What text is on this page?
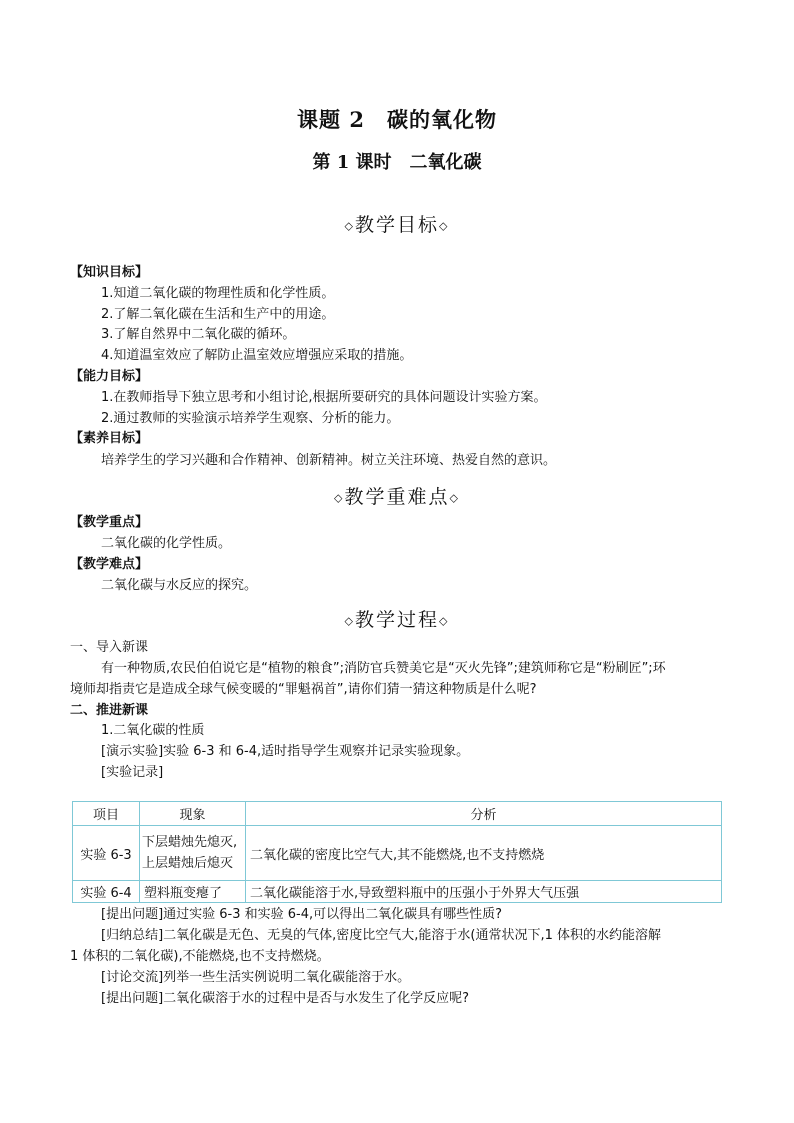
课题 2　碳的氧化物
第 1 课时　二氧化碳
◇教学目标◇
【知识目标】
1.知道二氧化碳的物理性质和化学性质。
2.了解二氧化碳在生活和生产中的用途。
3.了解自然界中二氧化碳的循环。
4.知道温室效应了解防止温室效应增强应采取的措施。
【能力目标】
1.在教师指导下独立思考和小组讨论,根据所要研究的具体问题设计实验方案。
2.通过教师的实验演示培养学生观察、分析的能力。
【素养目标】
培养学生的学习兴趣和合作精神、创新精神。树立关注环境、热爱自然的意识。
◇教学重难点◇
【教学重点】
二氧化碳的化学性质。
【教学难点】
二氧化碳与水反应的探究。
◇教学过程◇
一、导入新课
有一种物质,农民伯伯说它是“植物的粮食”;消防官兵赞美它是“灭火先锋”;建筑师称它是“粉刷匠”;环
境师却指责它是造成全球气候变暖的“罪魁祸首”,请你们猜一猜这种物质是什么呢?
二、推进新课
1.二氧化碳的性质
[演示实验]实验 6-3 和 6-4,适时指导学生观察并记录实验现象。
[实验记录]
项目	现象	分析
实验 6-3	下层蜡烛先熄灭,
上层蜡烛后熄灭	二氧化碳的密度比空气大,其不能燃烧,也不支持燃烧
实验 6-4	塑料瓶变瘪了	二氧化碳能溶于水,导致塑料瓶中的压强小于外界大气压强
[提出问题]通过实验 6-3 和实验 6-4,可以得出二氧化碳具有哪些性质?
[归纳总结]二氧化碳是无色、无臭的气体,密度比空气大,能溶于水(通常状况下,1 体积的水约能溶解
1 体积的二氧化碳),不能燃烧,也不支持燃烧。
[讨论交流]列举一些生活实例说明二氧化碳能溶于水。
[提出问题]二氧化碳溶于水的过程中是否与水发生了化学反应呢?
